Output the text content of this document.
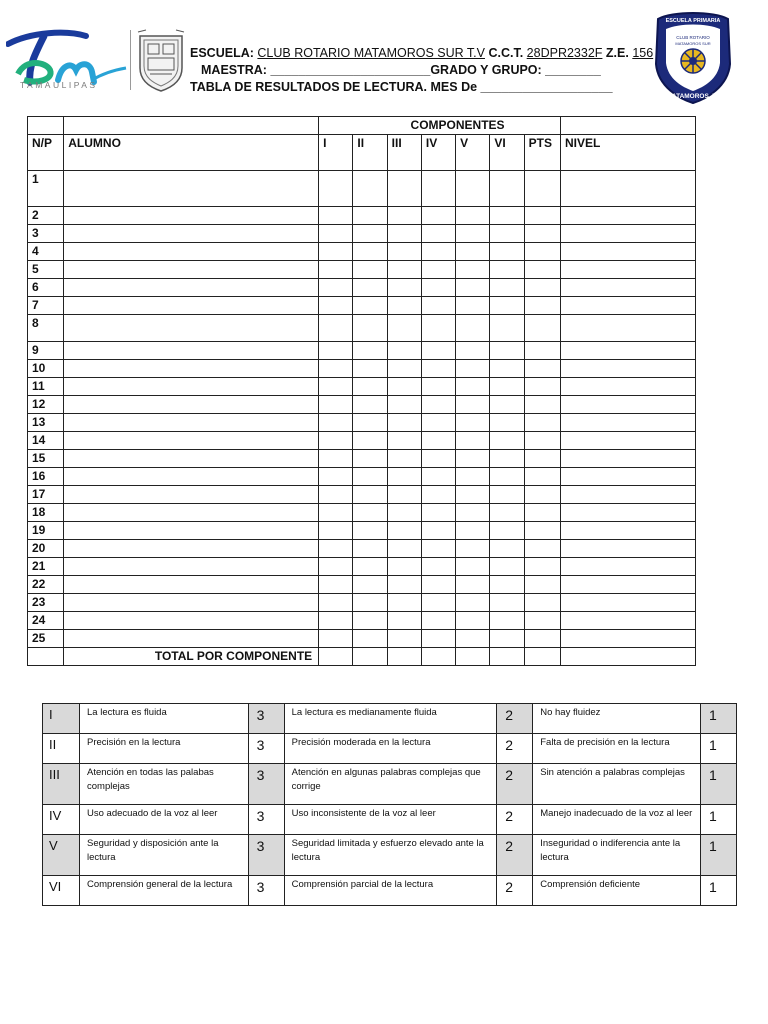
TAMAULIPAS
ESCUELA: CLUB ROTARIO MATAMOROS SUR T.V C.C.T. 28DPR2332F Z.E. 156
MAESTRA: _______________________GRADO Y GRUPO: ________
TABLA DE RESULTADOS DE LECTURA. MES De ___________________
ESCUELA PRIMARIA
CLUB ROTARIO
MATAMOROS SUR
H. MATAMOROS, TAM.
		COMPONENTES							
N/P	ALUMNO	I	II	III	IV	V	VI	PTS	NIVEL
1									
2									
3									
4									
5									
6									
7									
8									
9									
10									
11									
12									
13									
14									
15									
16									
17									
18									
19									
20									
21									
22									
23									
24									
25									
	TOTAL POR COMPONENTE								
I	La lectura es fluida	3	La lectura es medianamente fluida	2	No hay fluidez	1
II	Precisión en la lectura	3	Precisión moderada en la lectura	2	Falta de precisión en la lectura	1
III	Atención en todas las palabas complejas	3	Atención en algunas palabras complejas que corrige	2	Sin atención a palabras complejas	1
IV	Uso adecuado de la voz al leer	3	Uso inconsistente de la voz al leer	2	Manejo inadecuado de la voz al leer	1
V	Seguridad y disposición ante la lectura	3	Seguridad limitada y esfuerzo elevado ante la lectura	2	Inseguridad o indiferencia ante la lectura	1
VI	Comprensión general de la lectura	3	Comprensión parcial de la lectura	2	Comprensión deficiente	1
